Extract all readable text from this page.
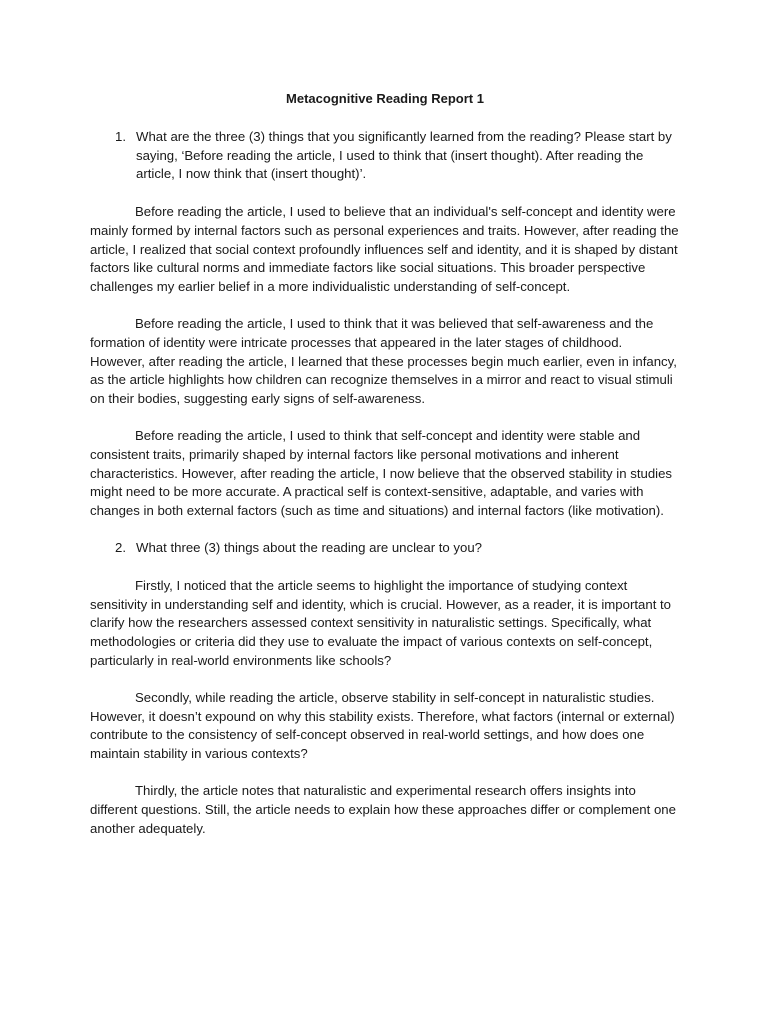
Metacognitive Reading Report 1
1. What are the three (3) things that you significantly learned from the reading? Please start by saying, ‘Before reading the article, I used to think that (insert thought). After reading the article, I now think that (insert thought)’.

Before reading the article, I used to believe that an individual's self-concept and identity were mainly formed by internal factors such as personal experiences and traits. However, after reading the article, I realized that social context profoundly influences self and identity, and it is shaped by distant factors like cultural norms and immediate factors like social situations. This broader perspective challenges my earlier belief in a more individualistic understanding of self-concept.

Before reading the article, I used to think that it was believed that self-awareness and the formation of identity were intricate processes that appeared in the later stages of childhood. However, after reading the article, I learned that these processes begin much earlier, even in infancy, as the article highlights how children can recognize themselves in a mirror and react to visual stimuli on their bodies, suggesting early signs of self-awareness.

Before reading the article, I used to think that self-concept and identity were stable and consistent traits, primarily shaped by internal factors like personal motivations and inherent characteristics. However, after reading the article, I now believe that the observed stability in studies might need to be more accurate. A practical self is context-sensitive, adaptable, and varies with changes in both external factors (such as time and situations) and internal factors (like motivation).

2. What three (3) things about the reading are unclear to you?

Firstly, I noticed that the article seems to highlight the importance of studying context sensitivity in understanding self and identity, which is crucial. However, as a reader, it is important to clarify how the researchers assessed context sensitivity in naturalistic settings. Specifically, what methodologies or criteria did they use to evaluate the impact of various contexts on self-concept, particularly in real-world environments like schools?

Secondly, while reading the article, observe stability in self-concept in naturalistic studies. However, it doesn’t expound on why this stability exists. Therefore, what factors (internal or external) contribute to the consistency of self-concept observed in real-world settings, and how does one maintain stability in various contexts?

Thirdly, the article notes that naturalistic and experimental research offers insights into different questions. Still, the article needs to explain how these approaches differ or complement one another adequately.
